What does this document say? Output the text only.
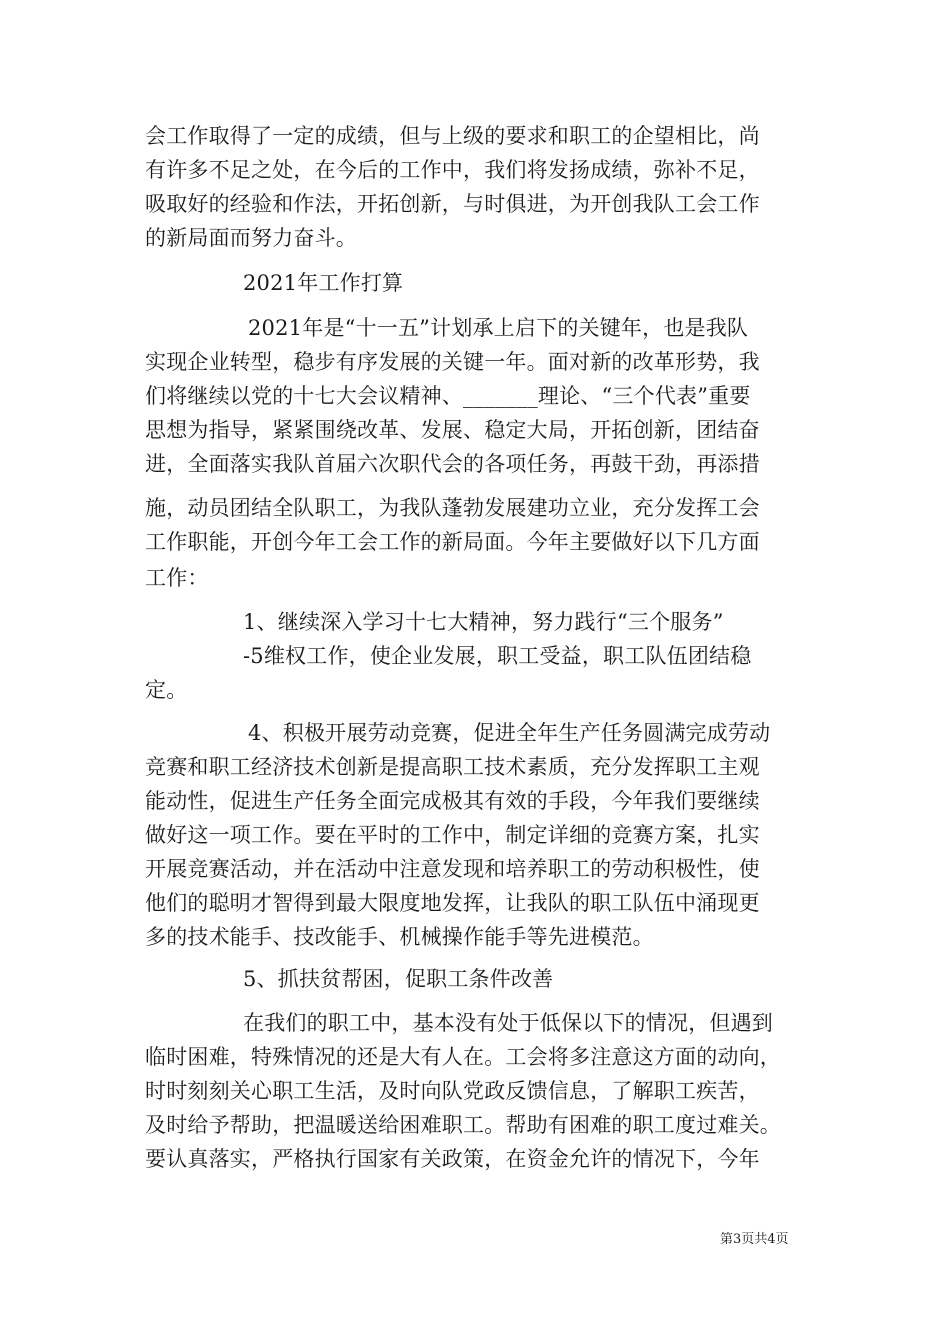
会工作取得了一定的成绩，但与上级的要求和职工的企望相比，尚
有许多不足之处，在今后的工作中，我们将发扬成绩，弥补不足，
吸取好的经验和作法，开拓创新，与时俱进，为开创我队工会工作
的新局面而努力奋斗。
2021年工作打算
2021年是“十一五”计划承上启下的关键年，也是我队
实现企业转型，稳步有序发展的关键一年。面对新的改革形势，我
们将继续以党的十七大会议精神、_______理论、“三个代表”重要
思想为指导，紧紧围绕改革、发展、稳定大局，开拓创新，团结奋
进，全面落实我队首届六次职代会的各项任务，再鼓干劲，再添措
施，动员团结全队职工，为我队蓬勃发展建功立业，充分发挥工会
工作职能，开创今年工会工作的新局面。今年主要做好以下几方面
工作：
1、继续深入学习十七大精神，努力践行“三个服务”
-5维权工作，使企业发展，职工受益，职工队伍团结稳
定。
4、积极开展劳动竞赛，促进全年生产任务圆满完成劳动
竞赛和职工经济技术创新是提高职工技术素质，充分发挥职工主观
能动性，促进生产任务全面完成极其有效的手段，今年我们要继续
做好这一项工作。要在平时的工作中，制定详细的竞赛方案，扎实
开展竞赛活动，并在活动中注意发现和培养职工的劳动积极性，使
他们的聪明才智得到最大限度地发挥，让我队的职工队伍中涌现更
多的技术能手、技改能手、机械操作能手等先进模范。
5、抓扶贫帮困，促职工条件改善
在我们的职工中，基本没有处于低保以下的情况，但遇到
临时困难，特殊情况的还是大有人在。工会将多注意这方面的动向，
时时刻刻关心职工生活，及时向队党政反馈信息，了解职工疾苦，
及时给予帮助，把温暖送给困难职工。帮助有困难的职工度过难关。
要认真落实，严格执行国家有关政策，在资金允许的情况下，今年
第3页共4页
